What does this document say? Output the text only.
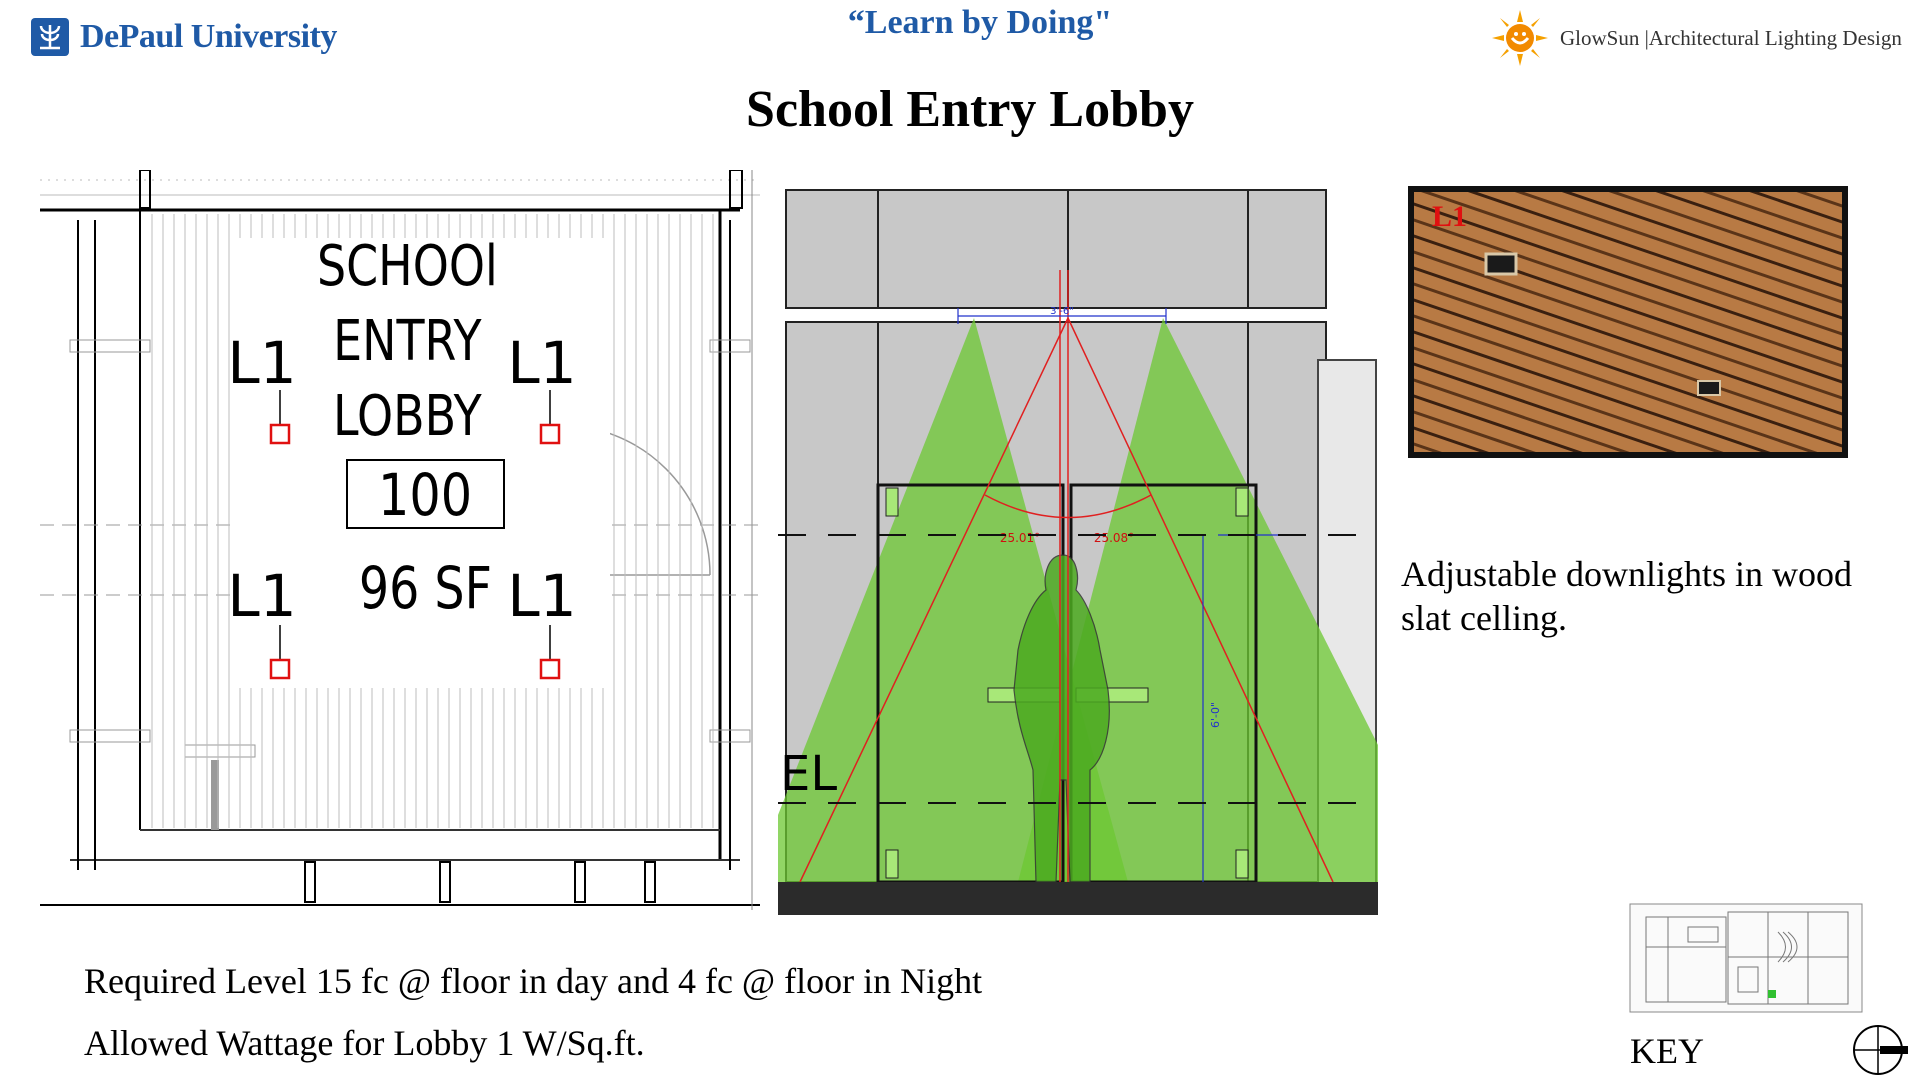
DePaul University	“Learn by Doing"	GlowSun |Architectural Lighting Design
School Entry Lobby
SCHOOl
ENTRY
LOBBY
100
96 SF
L1	L1
L1	L1
3'-6"
6'-0"
25.01°	25.08°
EL
L1
Adjustable downlights in wood slat celling.
Required Level 15 fc @ floor in day and 4 fc @ floor in Night
Allowed Wattage for Lobby 1 W/Sq.ft.	KEY
